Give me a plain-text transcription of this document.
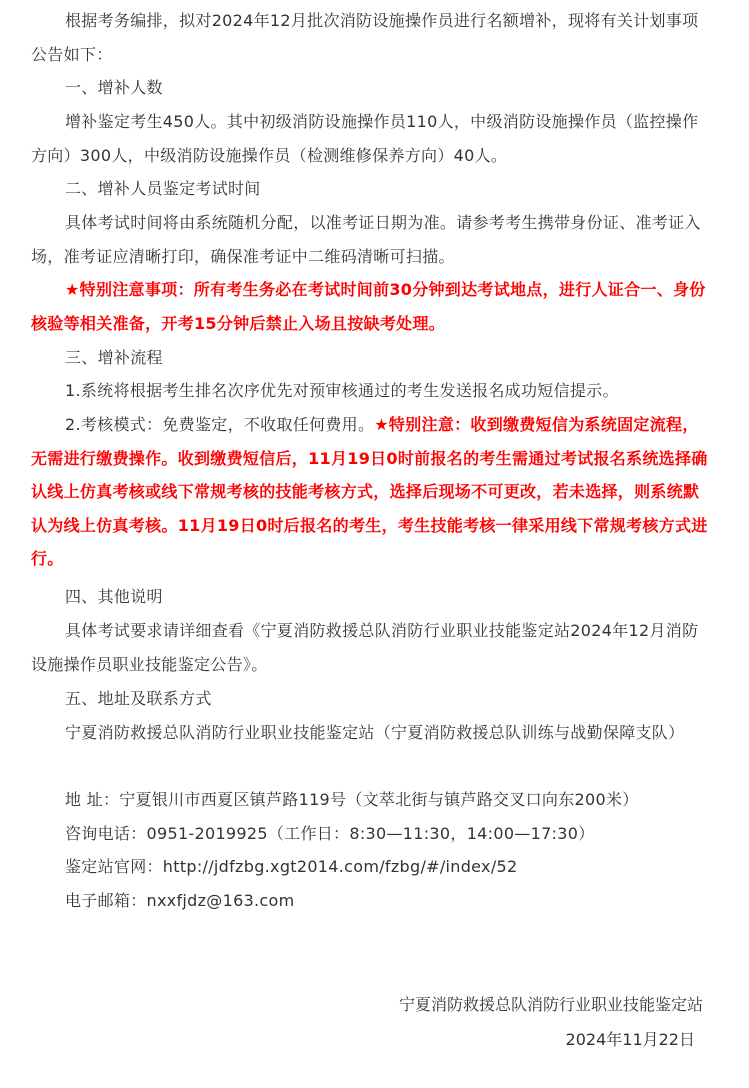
根据考务编排，拟对2024年12月批次消防设施操作员进行名额增补，现将有关计划事项公告如下：

一、增补人数

增补鉴定考生450人。其中初级消防设施操作员110人，中级消防设施操作员（监控操作方向）300人，中级消防设施操作员（检测维修保养方向）40人。

二、增补人员鉴定考试时间

具体考试时间将由系统随机分配，以准考证日期为准。请参考考生携带身份证、准考证入场，准考证应清晰打印，确保准考证中二维码清晰可扫描。

★特别注意事项：所有考生务必在考试时间前30分钟到达考试地点，进行人证合一、身份核验等相关准备，开考15分钟后禁止入场且按缺考处理。

三、增补流程

1.系统将根据考生排名次序优先对预审核通过的考生发送报名成功短信提示。

2.考核模式：免费鉴定，不收取任何费用。★特别注意：收到缴费短信为系统固定流程，无需进行缴费操作。收到缴费短信后，11月19日0时前报名的考生需通过考试报名系统选择确认线上仿真考核或线下常规考核的技能考核方式，选择后现场不可更改，若未选择，则系统默认为线上仿真考核。11月19日0时后报名的考生，考生技能考核一律采用线下常规考核方式进行。

四、其他说明

具体考试要求请详细查看《宁夏消防救援总队消防行业职业技能鉴定站2024年12月消防设施操作员职业技能鉴定公告》。

五、地址及联系方式

宁夏消防救援总队消防行业职业技能鉴定站（宁夏消防救援总队训练与战勤保障支队）

地 址：宁夏银川市西夏区镇芦路119号（文萃北街与镇芦路交叉口向东200米）

咨询电话：0951-2019925（工作日：8:30—11:30，14:00—17:30）

鉴定站官网：http://jdfzbg.xgt2014.com/fzbg/#/index/52

电子邮箱：nxxfjdz@163.com

宁夏消防救援总队消防行业职业技能鉴定站
2024年11月22日
